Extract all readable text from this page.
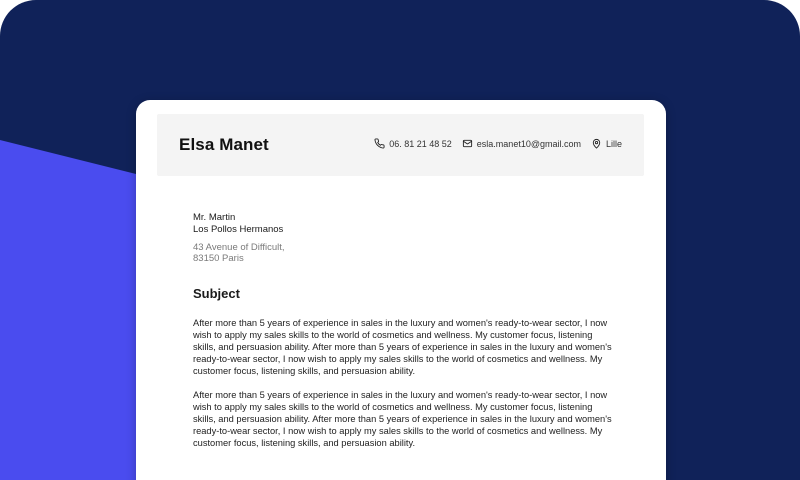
Elsa Manet	06. 81 21 48 52	esla.manet10@gmail.com	Lille
Mr. Martin
Los Pollos Hermanos
43 Avenue of Difficult,
83150 Paris
Subject
After more than 5 years of experience in sales in the luxury and women's ready-to-wear sector, I now wish to apply my sales skills to the world of cosmetics and wellness. My customer focus, listening skills, and persuasion ability. After more than 5 years of experience in sales in the luxury and women's ready-to-wear sector, I now wish to apply my sales skills to the world of cosmetics and wellness. My customer focus, listening skills, and persuasion ability.
After more than 5 years of experience in sales in the luxury and women's ready-to-wear sector, I now wish to apply my sales skills to the world of cosmetics and wellness. My customer focus, listening skills, and persuasion ability. After more than 5 years of experience in sales in the luxury and women's ready-to-wear sector, I now wish to apply my sales skills to the world of cosmetics and wellness. My customer focus, listening skills, and persuasion ability.
